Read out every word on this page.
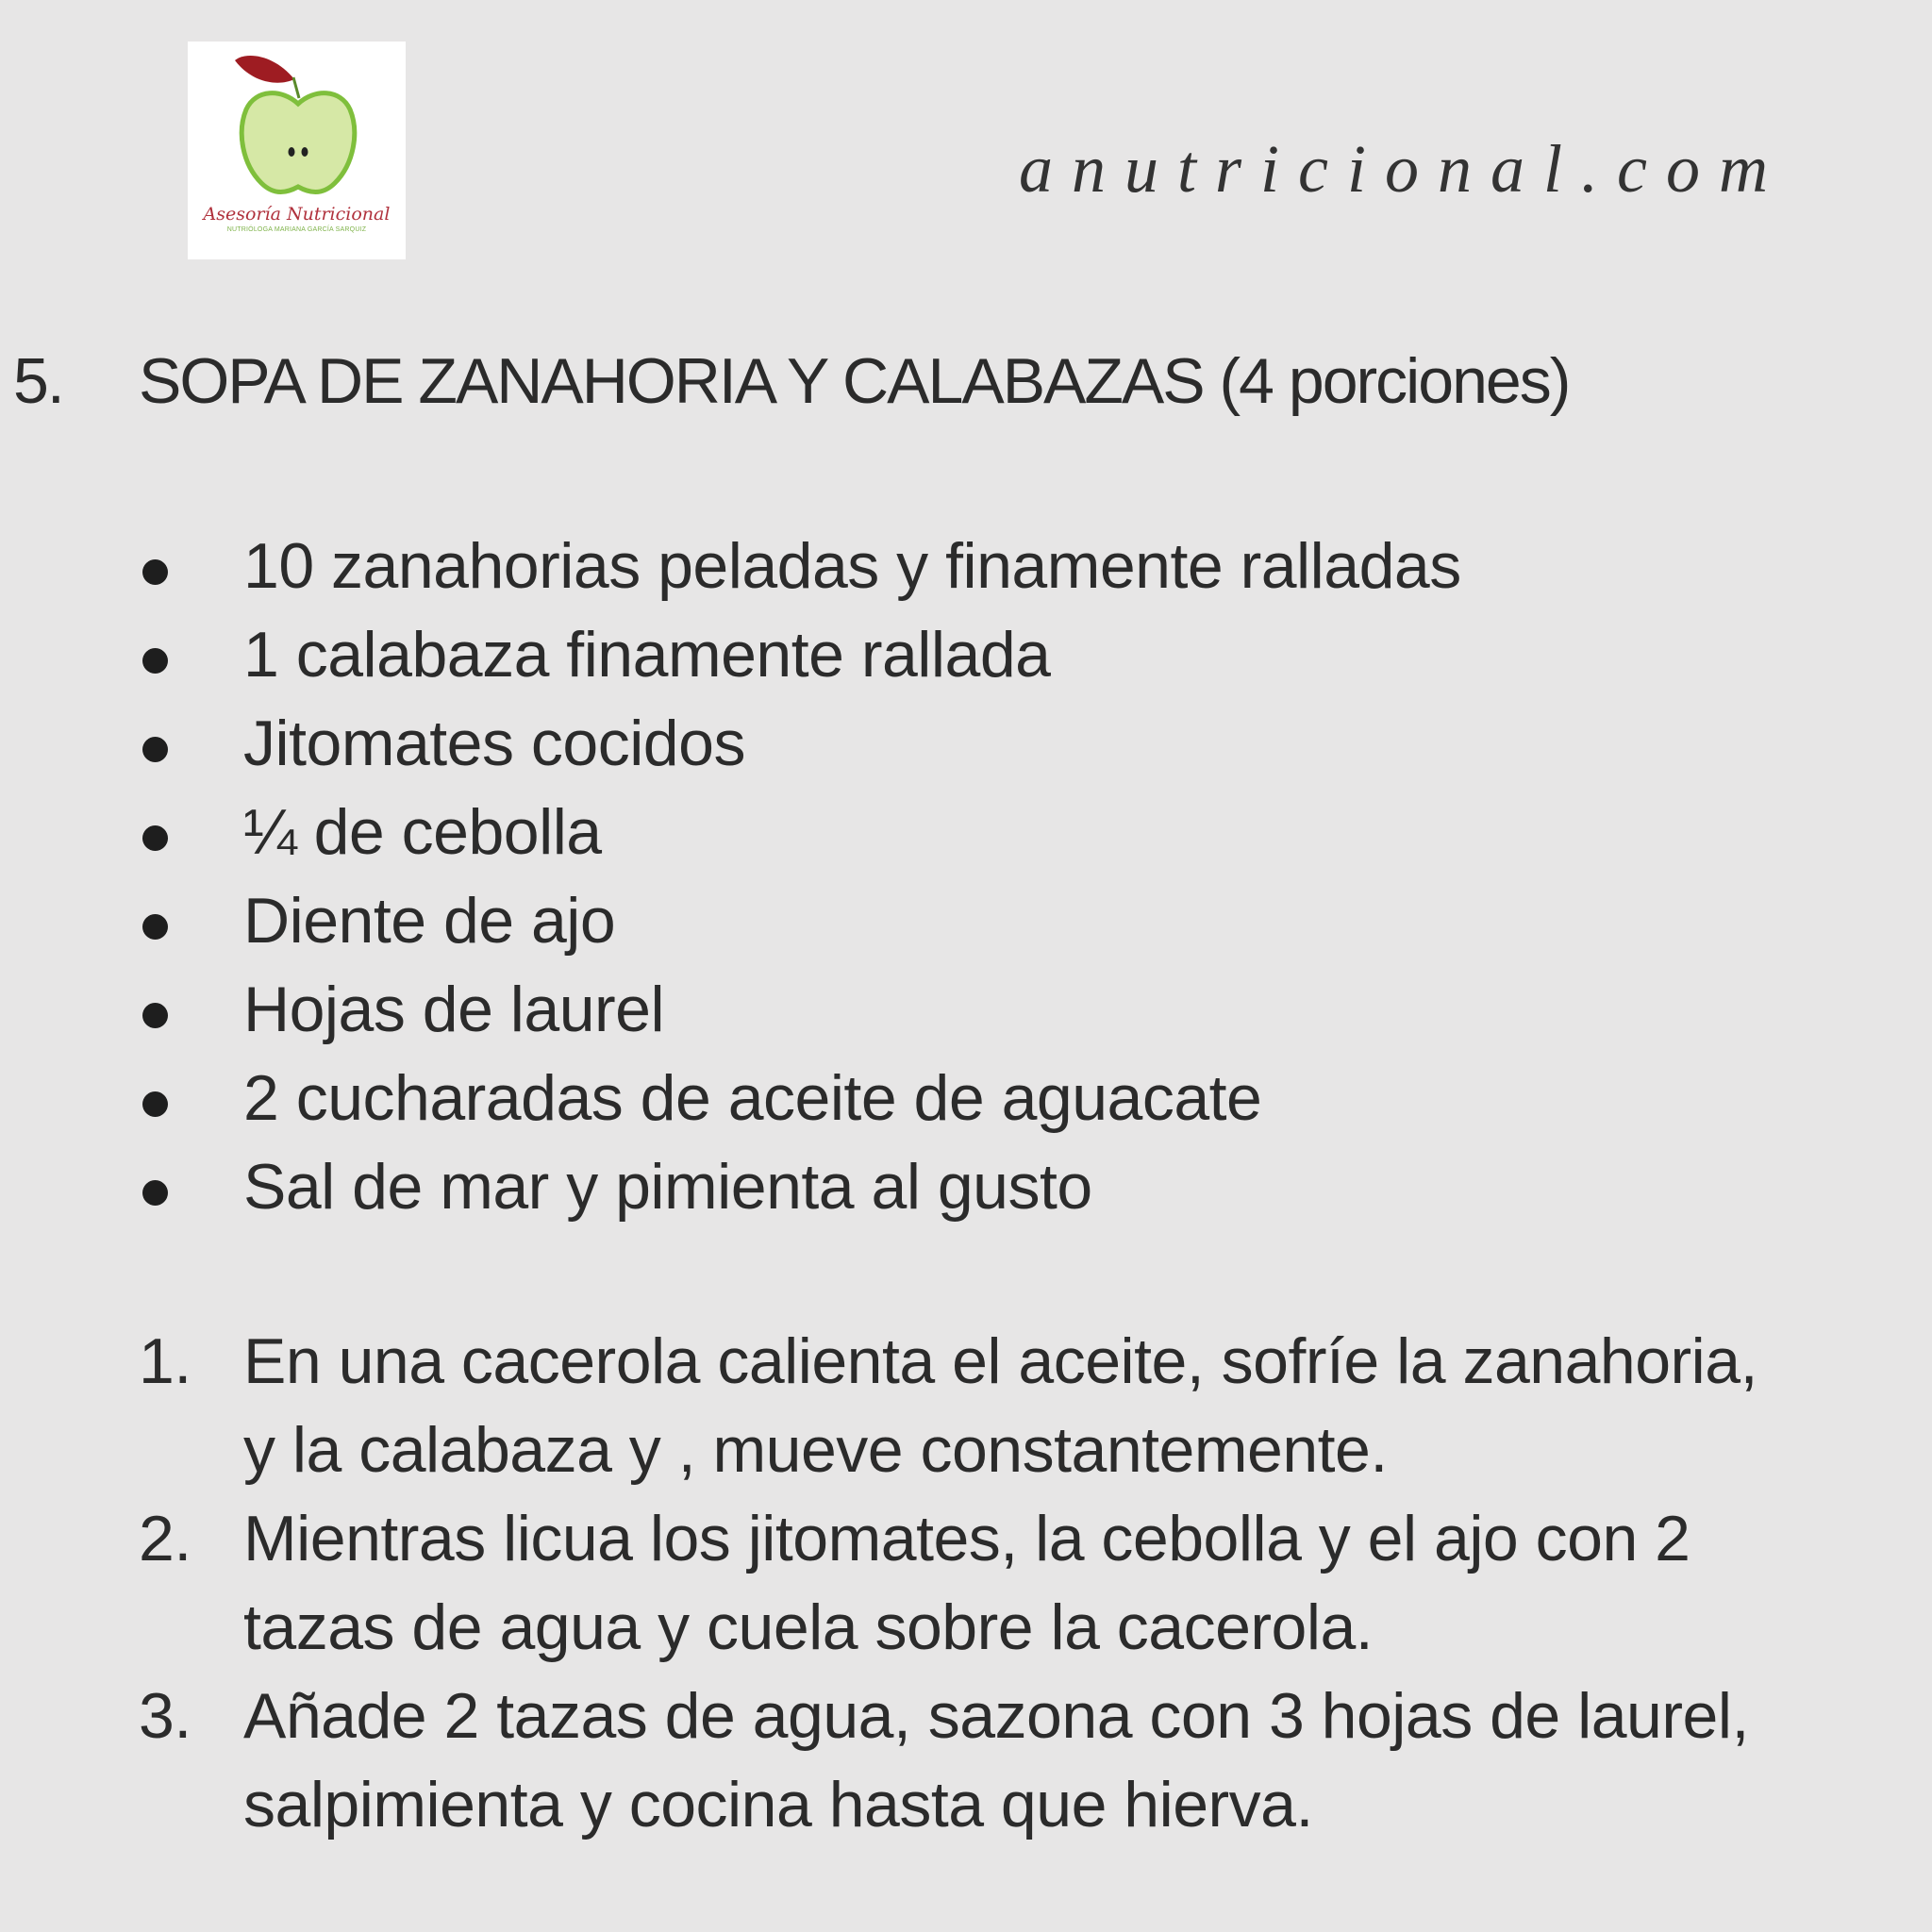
Asesoría Nutricional
NUTRIÓLOGA MARIANA GARCÍA SARQUIZ
anutricional.com
5. SOPA DE ZANAHORIA Y CALABAZAS (4 porciones)
10 zanahorias peladas y finamente ralladas
1 calabaza finamente rallada
Jitomates cocidos
¼ de cebolla
Diente de ajo
Hojas de laurel
2 cucharadas de aceite de aguacate
Sal de mar y pimienta al gusto
1. En una cacerola calienta el aceite, sofríe la zanahoria,
y la calabaza y , mueve constantemente.
2. Mientras licua los jitomates, la cebolla y el ajo con 2
tazas de agua y cuela sobre la cacerola.
3. Añade 2 tazas de agua, sazona con 3 hojas de laurel,
salpimienta y cocina hasta que hierva.
